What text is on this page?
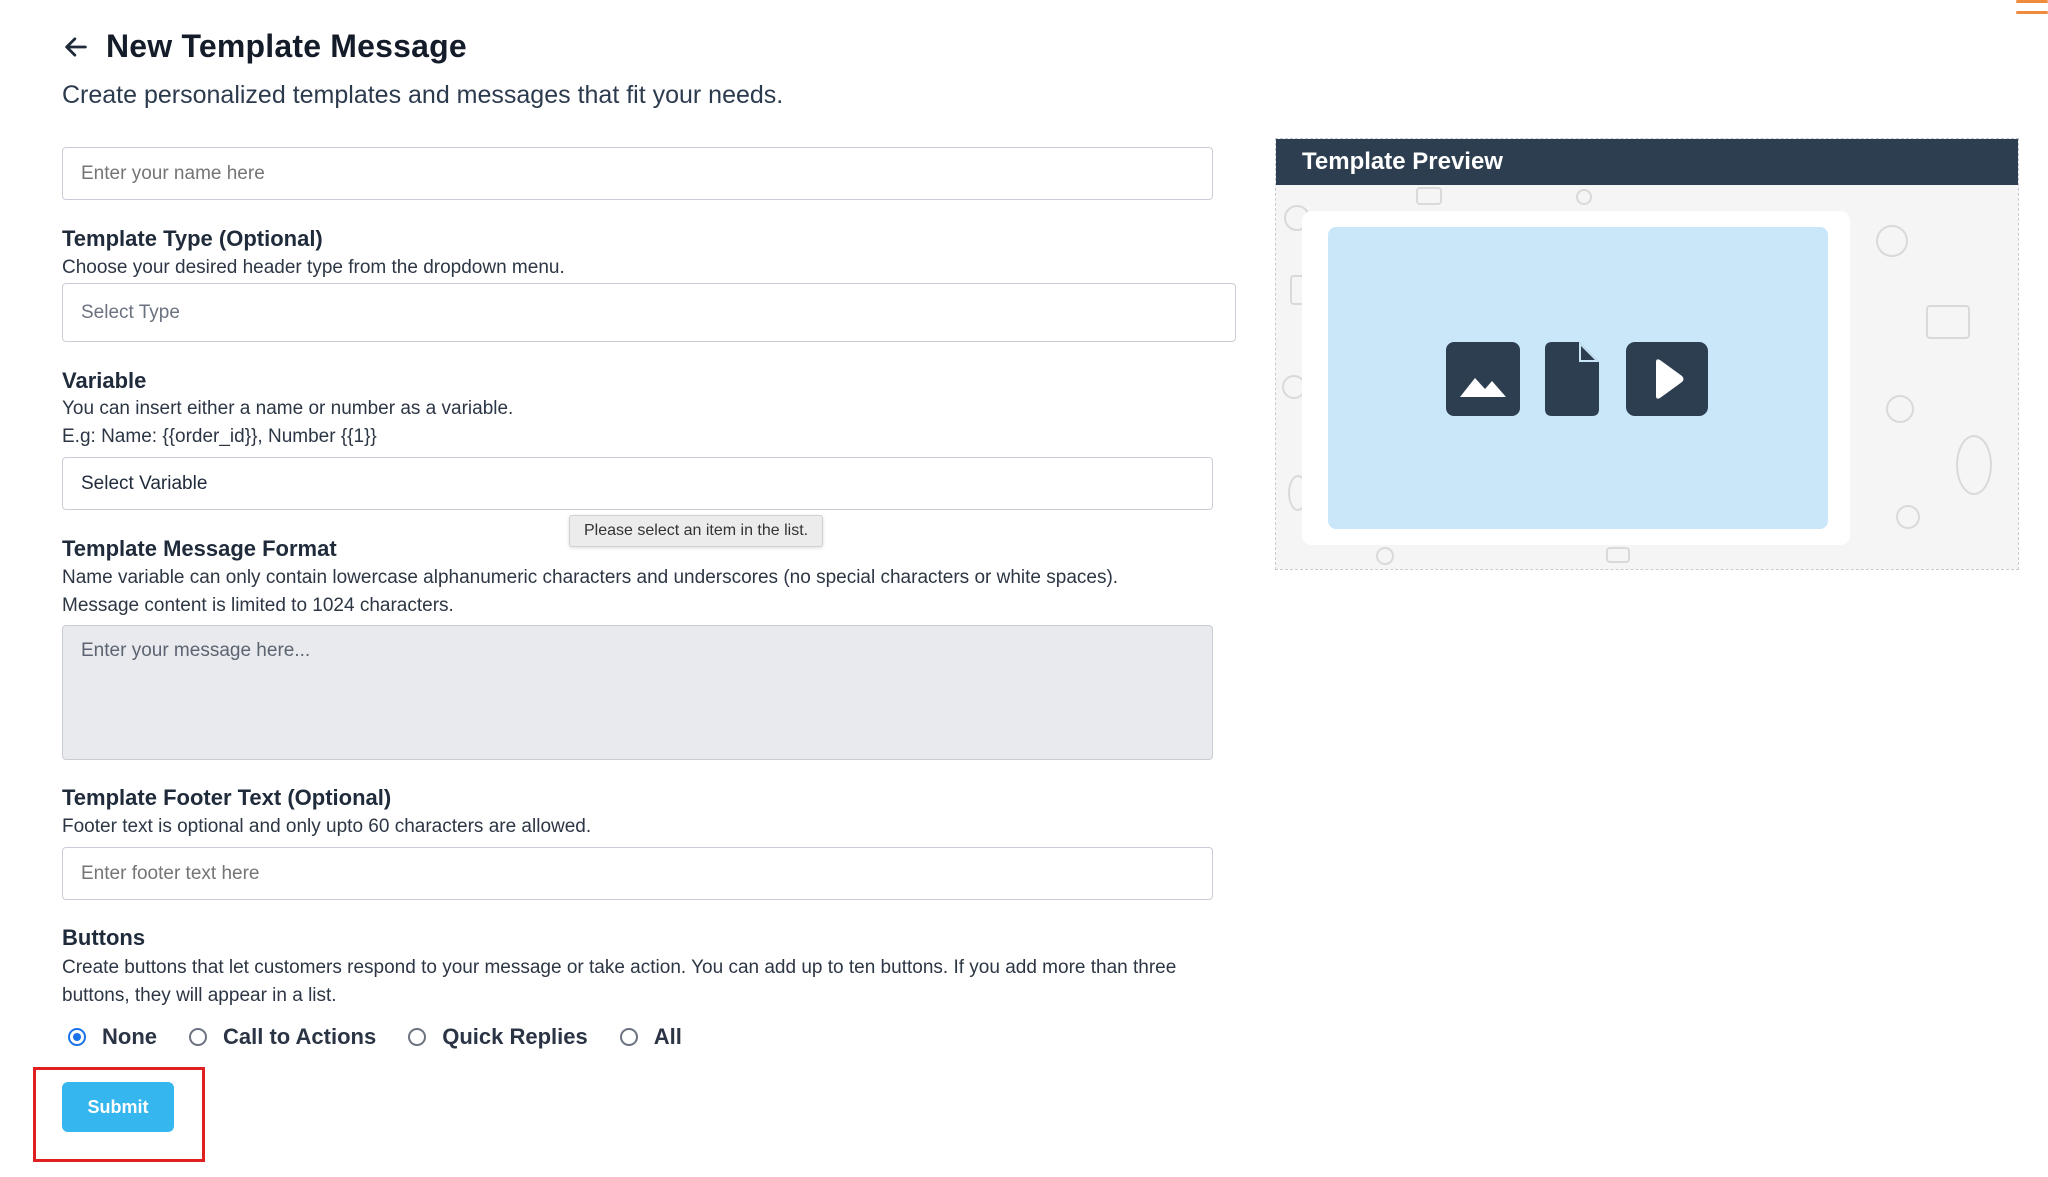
New Template Message
Create personalized templates and messages that fit your needs.
Enter your name here
Template Type (Optional)
Choose your desired header type from the dropdown menu.
Select Type
Variable
You can insert either a name or number as a variable.
E.g: Name: {{order_id}}, Number {{1}}
Select Variable
Please select an item in the list.
Template Message Format
Name variable can only contain lowercase alphanumeric characters and underscores (no special characters or white spaces). Message content is limited to 1024 characters.
Enter your message here...
Template Footer Text (Optional)
Footer text is optional and only upto 60 characters are allowed.
Enter footer text here
Buttons
Create buttons that let customers respond to your message or take action. You can add up to ten buttons. If you add more than three buttons, they will appear in a list.
None	Call to Actions	Quick Replies	All
Submit
Template Preview
